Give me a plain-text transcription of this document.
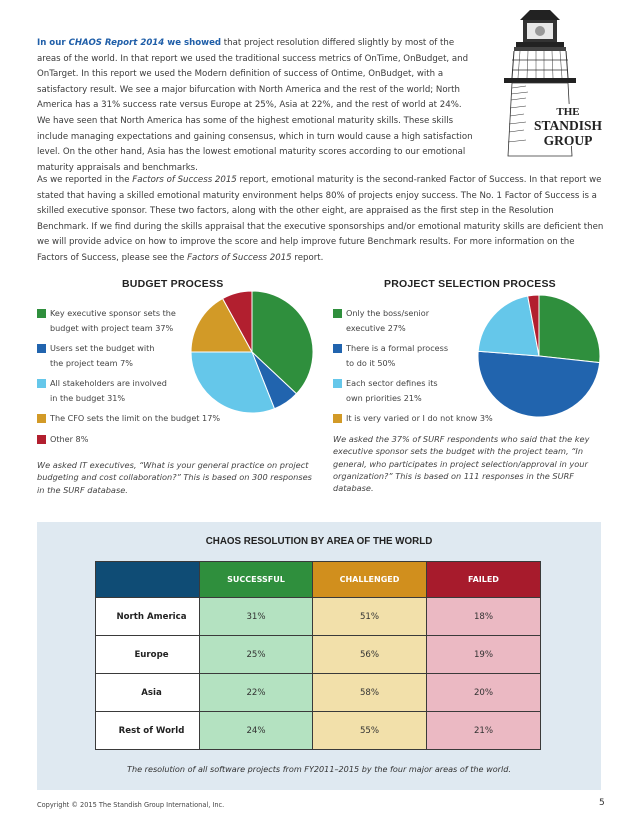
In our CHAOS Report 2014 we showed that project resolution differed slightly by most of the areas of the world. In that report we used the traditional success metrics of OnTime, OnBudget, and OnTarget. In this report we used the Modern definition of success of Ontime, OnBudget, with a satisfactory result. We see a major bifurcation with North America and the rest of the world; North America has a 31% success rate versus Europe at 25%, Asia at 22%, and the rest of world at 24%. We have seen that North America has some of the highest emotional maturity skills. These skills include managing expectations and gaining consensus, which in turn would cause a high satisfaction level. On the other hand, Asia has the lowest emotional maturity scores according to our emotional maturity appraisals and benchmarks.
THE
STANDISH
GROUP
As we reported in the Factors of Success 2015 report, emotional maturity is the second-ranked Factor of Success. In that report we stated that having a skilled emotional maturity environment helps 80% of projects enjoy success. The No. 1 Factor of Success is a skilled executive sponsor. These two factors, along with the other eight, are appraised as the first step in the Resolution Benchmark. If we find during the skills appraisal that the executive sponsorships and/or emotional maturity skills are deficient then we will provide advice on how to improve the score and help improve future Benchmark results. For more information on the Factors of Success, please see the Factors of Success 2015 report.
BUDGET PROCESS
Key executive sponsor sets the
budget with project team 37%
Users set the budget with
the project team 7%
All stakeholders are involved
in the budget 31%
The CFO sets the limit on the budget 17%
Other 8%
We asked IT executives, “What is your general practice on project budgeting and cost collaboration?” This is based on 300 responses in the SURF database.
PROJECT SELECTION PROCESS
Only the boss/senior
executive 27%
There is a formal process
to do it 50%
Each sector defines its
own priorities 21%
It is very varied or I do not know 3%
We asked the 37% of SURF respondents who said that the key executive sponsor sets the budget with the project team, “In general, who participates in project selection/approval in your organization?” This is based on 111 responses in the SURF database.
CHAOS RESOLUTION BY AREA OF THE WORLD
	SUCCESSFUL	CHALLENGED	FAILED
North America	31%	51%	18%
Europe	25%	56%	19%
Asia	22%	58%	20%
Rest of World	24%	55%	21%
The resolution of all software projects from FY2011–2015 by the four major areas of the world.
Copyright © 2015 The Standish Group International, Inc.	5
